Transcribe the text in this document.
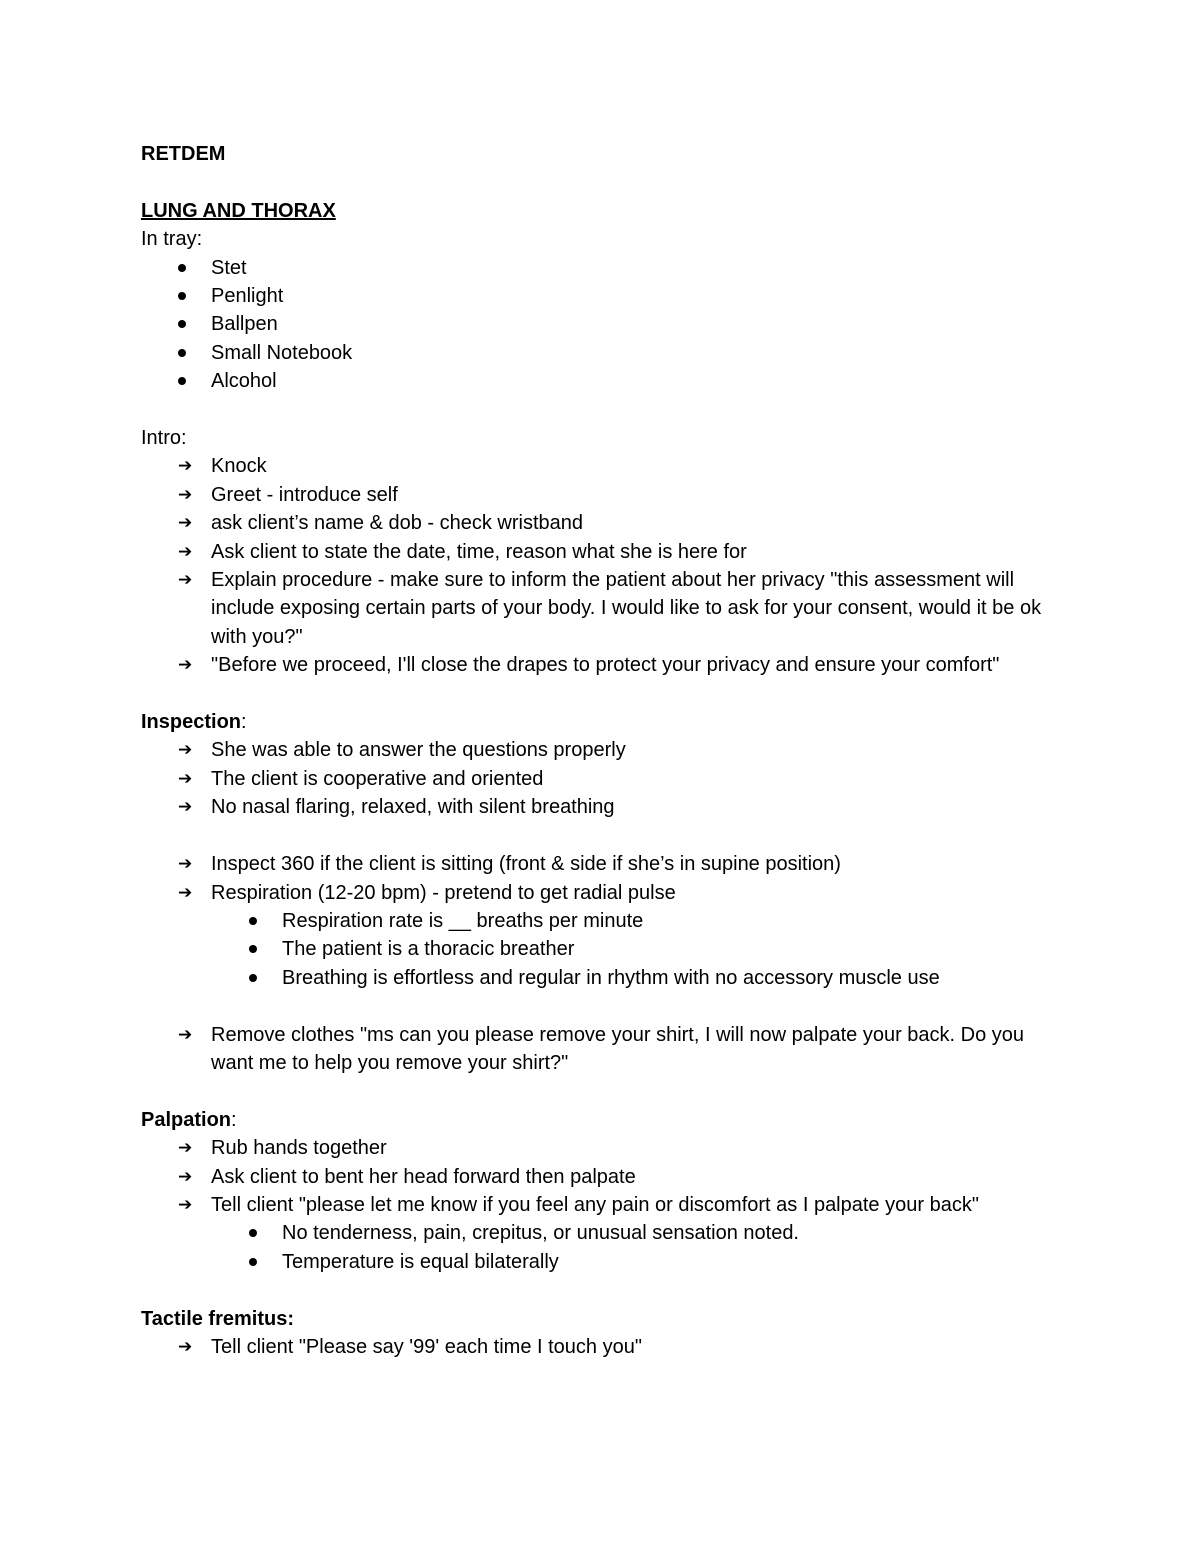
RETDEM
LUNG AND THORAX
In tray:
Stet
Penlight
Ballpen
Small Notebook
Alcohol
Intro:
➔ Knock
➔ Greet - introduce self
➔ ask client’s name & dob - check wristband
➔ Ask client to state the date, time, reason what she is here for
➔ Explain procedure - make sure to inform the patient about her privacy "this assessment will include exposing certain parts of your body. I would like to ask for your consent, would it be ok with you?"
➔ "Before we proceed, I'll close the drapes to protect your privacy and ensure your comfort"
Inspection:
➔ She was able to answer the questions properly
➔ The client is cooperative and oriented
➔ No nasal flaring, relaxed, with silent breathing
➔ Inspect 360 if the client is sitting (front & side if she’s in supine position)
➔ Respiration (12-20 bpm) - pretend to get radial pulse
Respiration rate is __ breaths per minute
The patient is a thoracic breather
Breathing is effortless and regular in rhythm with no accessory muscle use
➔ Remove clothes "ms can you please remove your shirt, I will now palpate your back. Do you want me to help you remove your shirt?"
Palpation:
➔ Rub hands together
➔ Ask client to bent her head forward then palpate
➔ Tell client "please let me know if you feel any pain or discomfort as I palpate your back"
No tenderness, pain, crepitus, or unusual sensation noted.
Temperature is equal bilaterally
Tactile fremitus:
➔ Tell client "Please say '99' each time I touch you"
